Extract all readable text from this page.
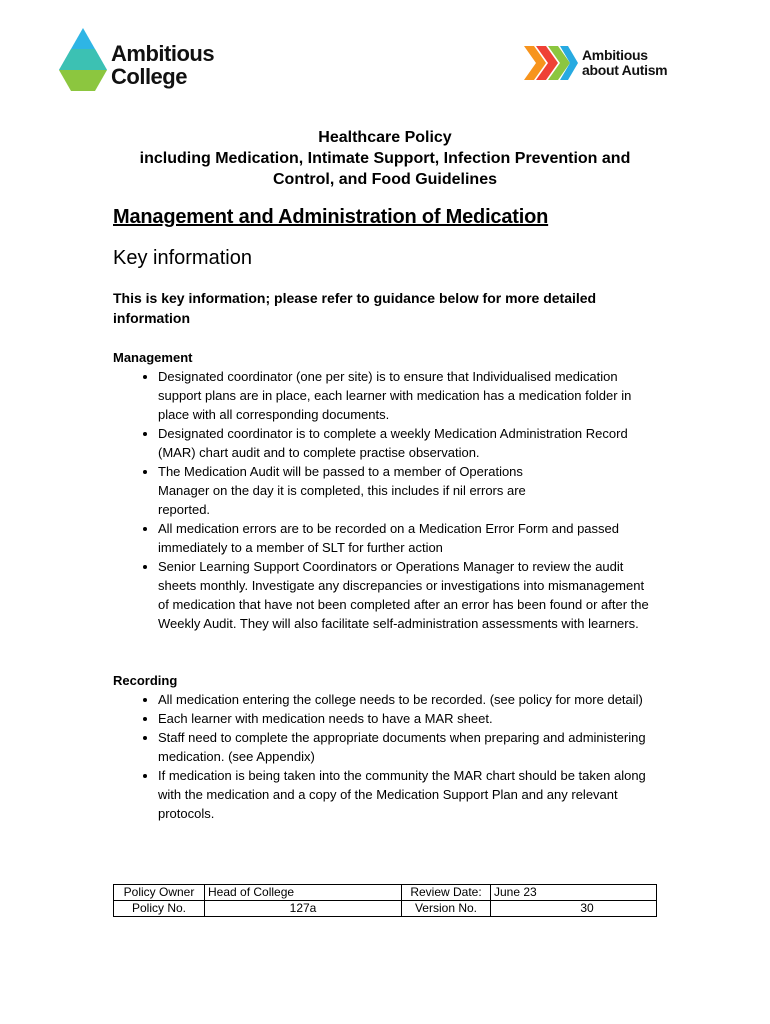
Ambitious
College
Ambitious
about Autism
Healthcare Policy
including Medication, Intimate Support, Infection Prevention and
Control, and Food Guidelines
Management and Administration of Medication
Key information
This is key information; please refer to guidance below for more detailed information
Management
• Designated coordinator (one per site) is to ensure that Individualised medication support plans are in place, each learner with medication has a medication folder in place with all corresponding documents.
• Designated coordinator is to complete a weekly Medication Administration Record (MAR) chart audit and to complete practise observation.
• The Medication Audit will be passed to a member of Operations Manager on the day it is completed, this includes if nil errors are reported.
• All medication errors are to be recorded on a Medication Error Form and passed immediately to a member of SLT for further action
• Senior Learning Support Coordinators or Operations Manager to review the audit sheets monthly. Investigate any discrepancies or investigations into mismanagement of medication that have not been completed after an error has been found or after the Weekly Audit. They will also facilitate self-administration assessments with learners.
Recording
• All medication entering the college needs to be recorded. (see policy for more detail)
• Each learner with medication needs to have a MAR sheet.
• Staff need to complete the appropriate documents when preparing and administering medication. (see Appendix)
• If medication is being taken into the community the MAR chart should be taken along with the medication and a copy of the Medication Support Plan and any relevant protocols.
Policy Owner	Head of College	Review Date:	June 23
Policy No.	127a	Version No.	30
